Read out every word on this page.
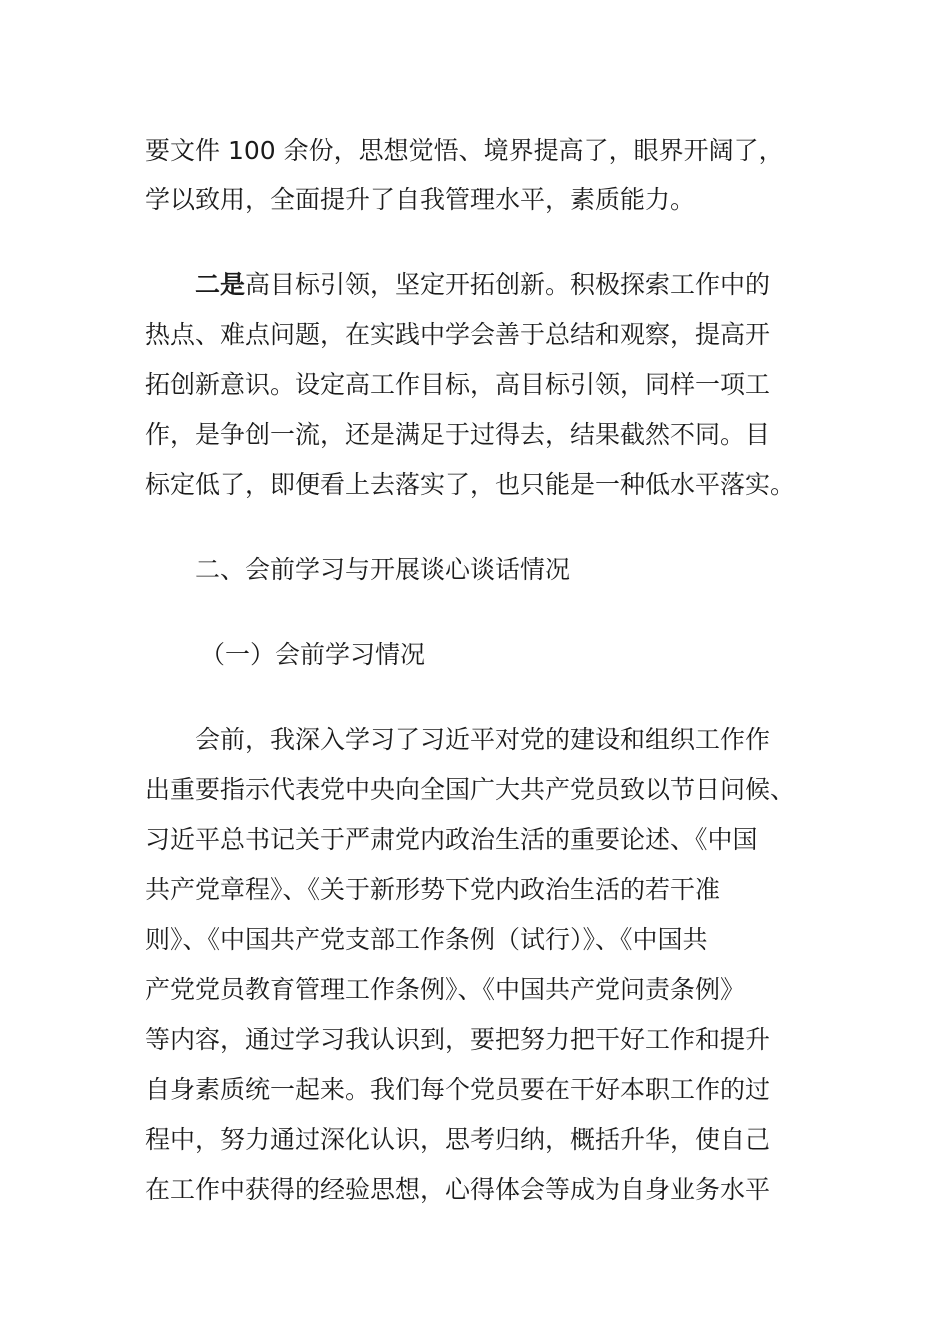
要文件 100 余份，思想觉悟、境界提高了，眼界开阔了，
学以致用，全面提升了自我管理水平，素质能力。
二是高目标引领，坚定开拓创新。积极探索工作中的
热点、难点问题，在实践中学会善于总结和观察，提高开
拓创新意识。设定高工作目标，高目标引领，同样一项工
作，是争创一流，还是满足于过得去，结果截然不同。目
标定低了，即便看上去落实了，也只能是一种低水平落实。
二、会前学习与开展谈心谈话情况
（一）会前学习情况
会前，我深入学习了习近平对党的建设和组织工作作
出重要指示代表党中央向全国广大共产党员致以节日问候、
习近平总书记关于严肃党内政治生活的重要论述、《中国
共产党章程》、《关于新形势下党内政治生活的若干准
则》、《中国共产党支部工作条例（试行）》、《中国共
产党党员教育管理工作条例》、《中国共产党问责条例》
等内容，通过学习我认识到，要把努力把干好工作和提升
自身素质统一起来。我们每个党员要在干好本职工作的过
程中，努力通过深化认识，思考归纳，概括升华，使自己
在工作中获得的经验思想，心得体会等成为自身业务水平
